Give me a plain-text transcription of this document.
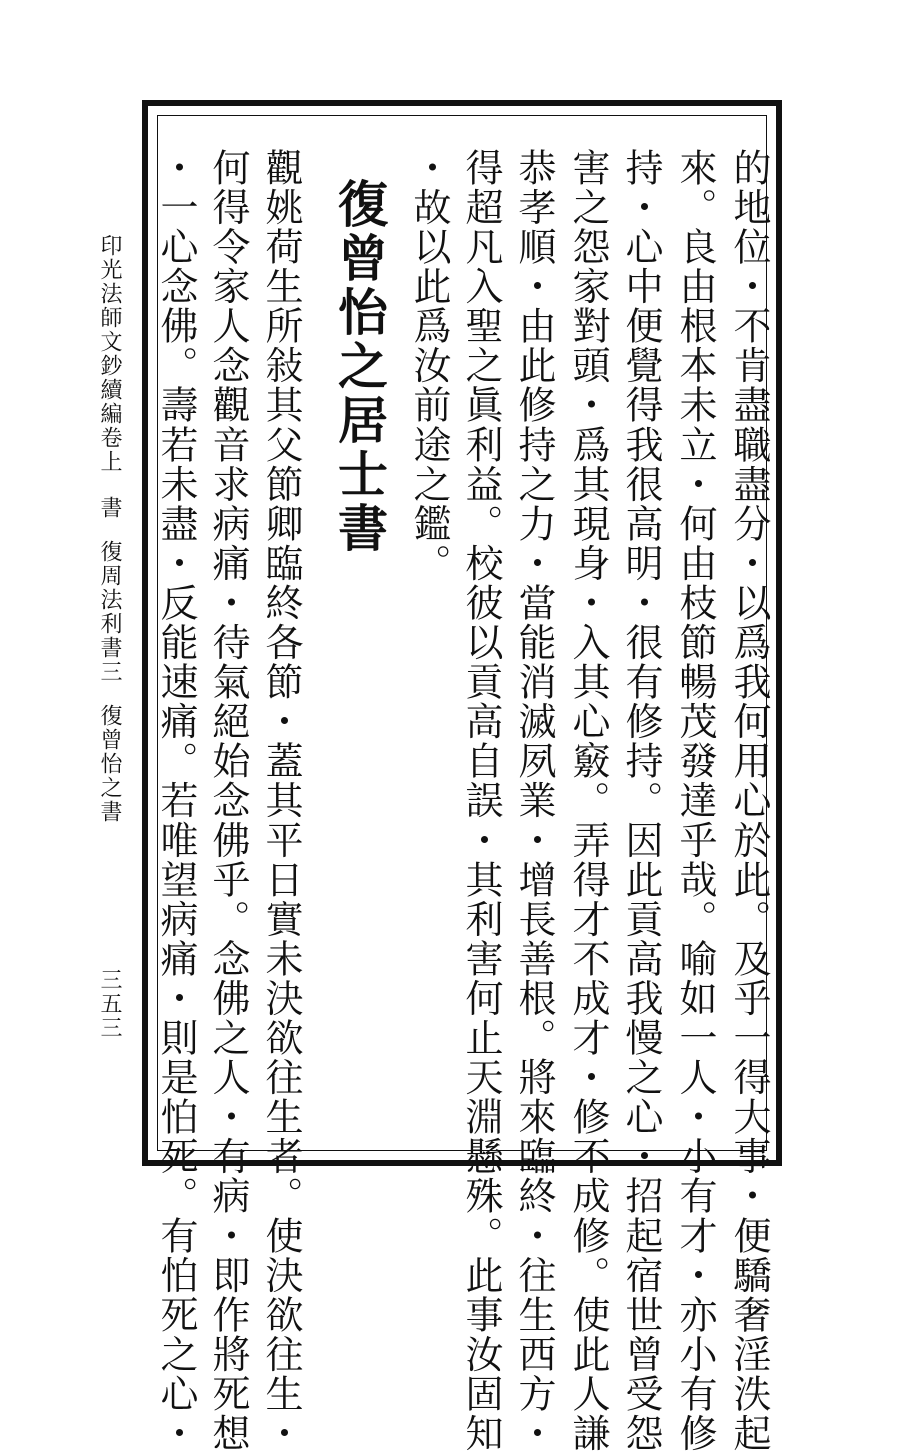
印光法師文鈔續編卷上書復周法利書三復曾怡之書
三五三	的地位・不肯盡職盡分・以爲我何用心於此。及乎一得大事・便驕奢淫泆起
來。良由根本未立・何由枝節暢茂發達乎哉。喻如一人・小有才・亦小有修
持・心中便覺得我很高明・很有修持。因此貢高我慢之心・招起宿世曾受怨
害之怨家對頭・爲其現身・入其心竅。弄得才不成才・修不成修。使此人謙
恭孝順・由此修持之力・當能消滅夙業・增長善根。將來臨終・往生西方・
得超凡入聖之眞利益。校彼以貢高自誤・其利害何止天淵懸殊。此事汝固知
・故以此爲汝前途之鑑。
復曾怡之居士書
觀姚荷生所敍其父節卿臨終各節・蓋其平日實未決欲往生者。使決欲往生・
何得令家人念觀音求病痛・待氣絕始念佛乎。念佛之人・有病・即作將死想
・一心念佛。壽若未盡・反能速痛。若唯望病痛・則是怕死。有怕死之心・
